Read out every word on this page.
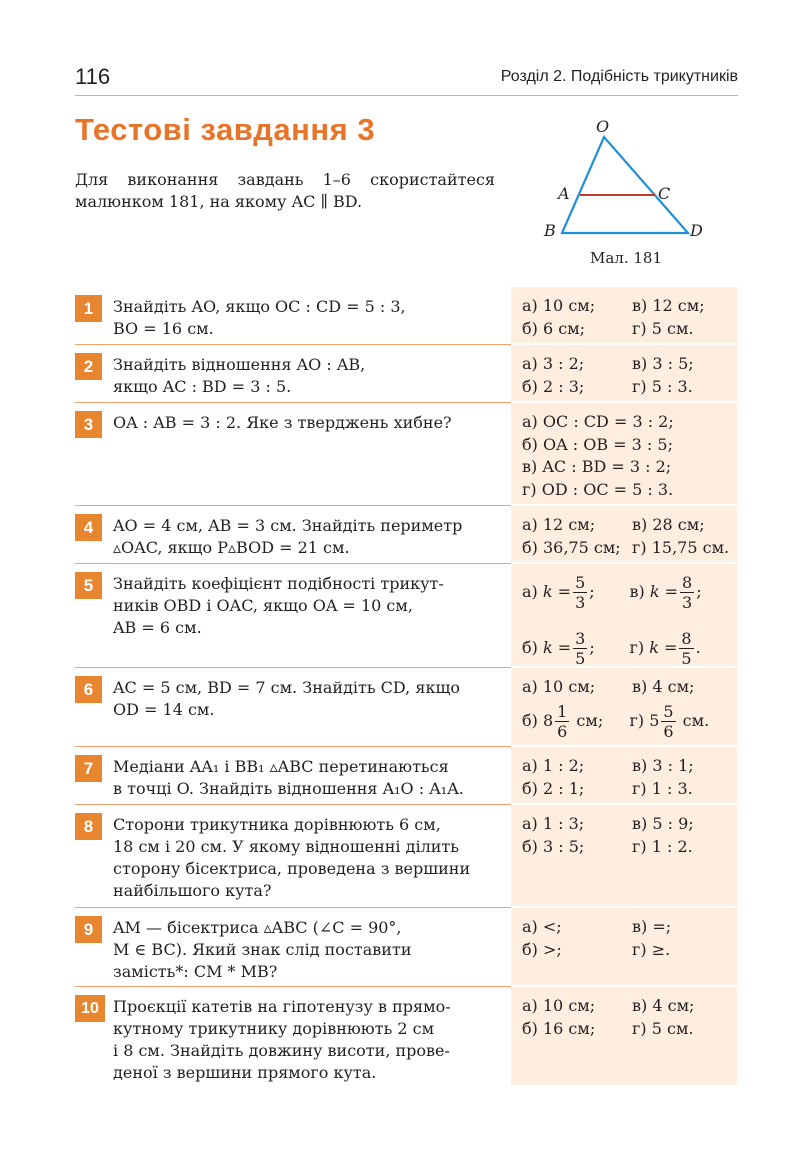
116	Розділ 2. Подібність трикутників
Тестові завдання 3
Для виконання завдань 1–6 скористайтеся малюнком 181, на якому AC ∥ BD.
O
A	C
B	D
Мал. 181
1	Знайдіть AO, якщо OC : CD = 5 : 3,
BO = 16 см.
а) 10 см;	в) 12 см;
б) 6 см;	г) 5 см.
2	Знайдіть відношення AO : AB,
якщо AC : BD = 3 : 5.
а) 3 : 2;	в) 3 : 5;
б) 2 : 3;	г) 5 : 3.
3	OA : AB = 3 : 2. Яке з тверджень хибне?	а) OC : CD = 3 : 2;
б) OA : OB = 3 : 5;
в) AC : BD = 3 : 2;
г) OD : OC = 5 : 3.
4	AO = 4 см, AB = 3 см. Знайдіть периметр
▵OAC, якщо P▵BOD = 21 см.
а) 12 см;	в) 28 см;
б) 36,75 см; г) 15,75 см.
5	Знайдіть коефіцієнт подібності трикут-
ників OBD і OAC, якщо OA = 10 см,
AB = 6 см.
а) $k = \frac{5}{3}$ ; в) $k = \frac{8}{3}$ ;
б) $k = \frac{3}{5}$ ; г) $k = \frac{8}{5}$ .
6	AC = 5 см, BD = 7 см. Знайдіть CD, якщо
OD = 14 см.
а) 10 см;	в) 4 см;
б) $8 \frac{1}{6}$ см; г) $5 \frac{5}{6}$ см.
7	Медіани AA₁ і BB₁ ▵ABC перетинаються
в точці O. Знайдіть відношення A₁O : A₁A.
а) 1 : 2;	в) 3 : 1;
б) 2 : 1;	г) 1 : 3.
8	Сторони трикутника дорівнюють 6 см,
18 см і 20 см. У якому відношенні ділить
сторону бісектриса, проведена з вершини
найбільшого кута?
а) 1 : 3;	в) 5 : 9;
б) 3 : 5;	г) 1 : 2.
9	AM — бісектриса ▵ABC (∠C = 90°,
M ∈ BC). Який знак слід поставити
замість*: CM * MB?
а) <;	в) =;
б) >;	г) ≥.
10 Проєкції катетів на гіпотенузу в прямо-
кутному трикутнику дорівнюють 2 см
і 8 см. Знайдіть довжину висоти, прове-
деної з вершини прямого кута.
а) 10 см;	в) 4 см;
б) 16 см;	г) 5 см.
